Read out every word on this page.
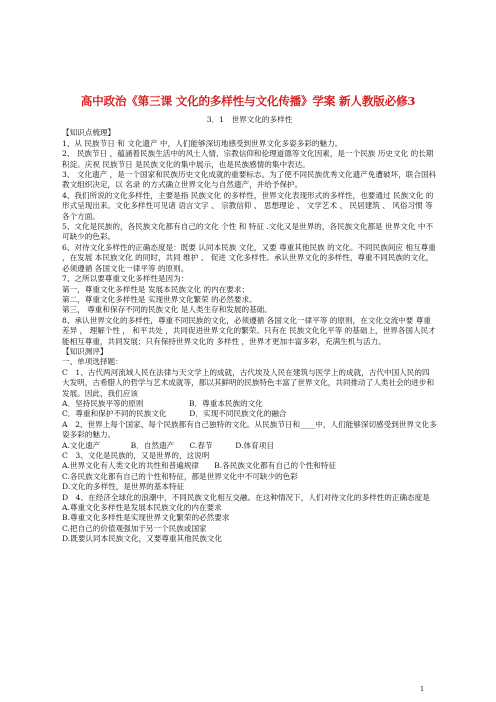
高中政治《第三课 文化的多样性与文化传播》学案 新人教版必修3

3．1　世界文化的多样性

【知识点梳理】

1、从 民族节日 和 文化遗产 中，人们能够深切地感受到世界文化多姿多彩的魅力。

2、 民族节日 ，蕴涵着民族生活中的风土人情、宗教信仰和伦理道德等文化因素，是一个民族 历史文化 的长期积淀。庆祝 民族节日 是民族文化的集中展示，也是民族感情的集中表达。

3、 文化遗产 ，是一个国家和民族历史文化成就的重要标志。为了使不同民族优秀文化遗产免遭破坏，联合国科教文组织决定，以 名录 的方式确立世界文化与自然遗产，并给予保护。

4、我们所说的文化多样性，主要是指 民族文化 的多样性，世界文化表现形式的多样性，也要通过 民族文化 的形式呈现出来。文化多样性可见诸 语言文字 、 宗教信仰 、 思想理论 、 文学艺术 、 民居建筑 、 风俗习惯 等各个方面。

5、文化是民族的，各民族文化都有自己的文化 个性 和 特征 .文化又是世界的，各民族文化都是 世界文化 中不可缺少的色彩。

6、对待文化多样性的正确态度是：既要 认同本民族 文化，又要 尊重其他民族 的文化。不同民族间应 相互尊重 ，在发展 本民族文化 的同时，共同 维护 、 促进 文化多样性。承认世界文化的多样性，尊重不同民族的文化，必须遵循 各国文化一律平等 的原则。

7、之所以要尊重文化多样性是因为：

第一，尊重文化多样性是 发展本民族文化 的内在要求；

第二，尊重文化多样性是 实现世界文化繁荣 的必然要求。

第三， 尊重和保存不同的民族文化 是人类生存和发展的基础。

8、承认世界文化的多样性，尊重不同民族的文化，必须遵循 各国文化一律平等 的原则，在文化交流中要 尊重差异 ， 理解个性 ， 和平共处 ，共同促进世界文化的繁荣。只有在 民族文化化平等 的基础上，世界各国人民才能相互尊重，共同发展；只有保持世界文化的 多样性 ，世界才更加丰富多彩，充满生机与活力。

【知识测评】

一、单项选择题：

C　1、古代两河流域人民在法律与天文学上的成就，古代埃及人民在建筑与医学上的成就，古代中国人民的四大发明，古希腊人的哲学与艺术成就等，都以其鲜明的民族特色丰富了世界文化，共同推动了人类社会的进步和发展。因此，我们应该

A．坚持民族平等的原则　　　　　　B．尊重本民族的文化

C．尊重和保护不同的民族文化　　　D．实现不同民族文化的融合

A　2、世界上每个国家、每个民族都有自己独特的文化。从民族节日和____中，人们能够深切感受到世界文化多姿多彩的魅力。

A.文化遗产　　　　B．自然遗产　　C.春节　　　D.体育项目

C　3、文化是民族的，又是世界的，这说明

A.世界文化有人类文化的共性和普遍规律　　B.各民族文化都有自己的个性和特征

C.各民族文化都有自己的个性和特征，都是世界文化中不可缺少的色彩

D.文化的多样性，是世界的基本特征

D　4、在经济全球化的浪潮中，不同民族文化相互交融。在这种情况下，人们对待文化的多样性的正确态度是

A.尊重文化多样性是发展本民族文化的内在要求

B.尊重文化多样性是实现世界文化繁荣的必然要求

C.把自己的价值观强加于另一个民族或国家

D.既要认同本民族文化，又要尊重其他民族文化

1
